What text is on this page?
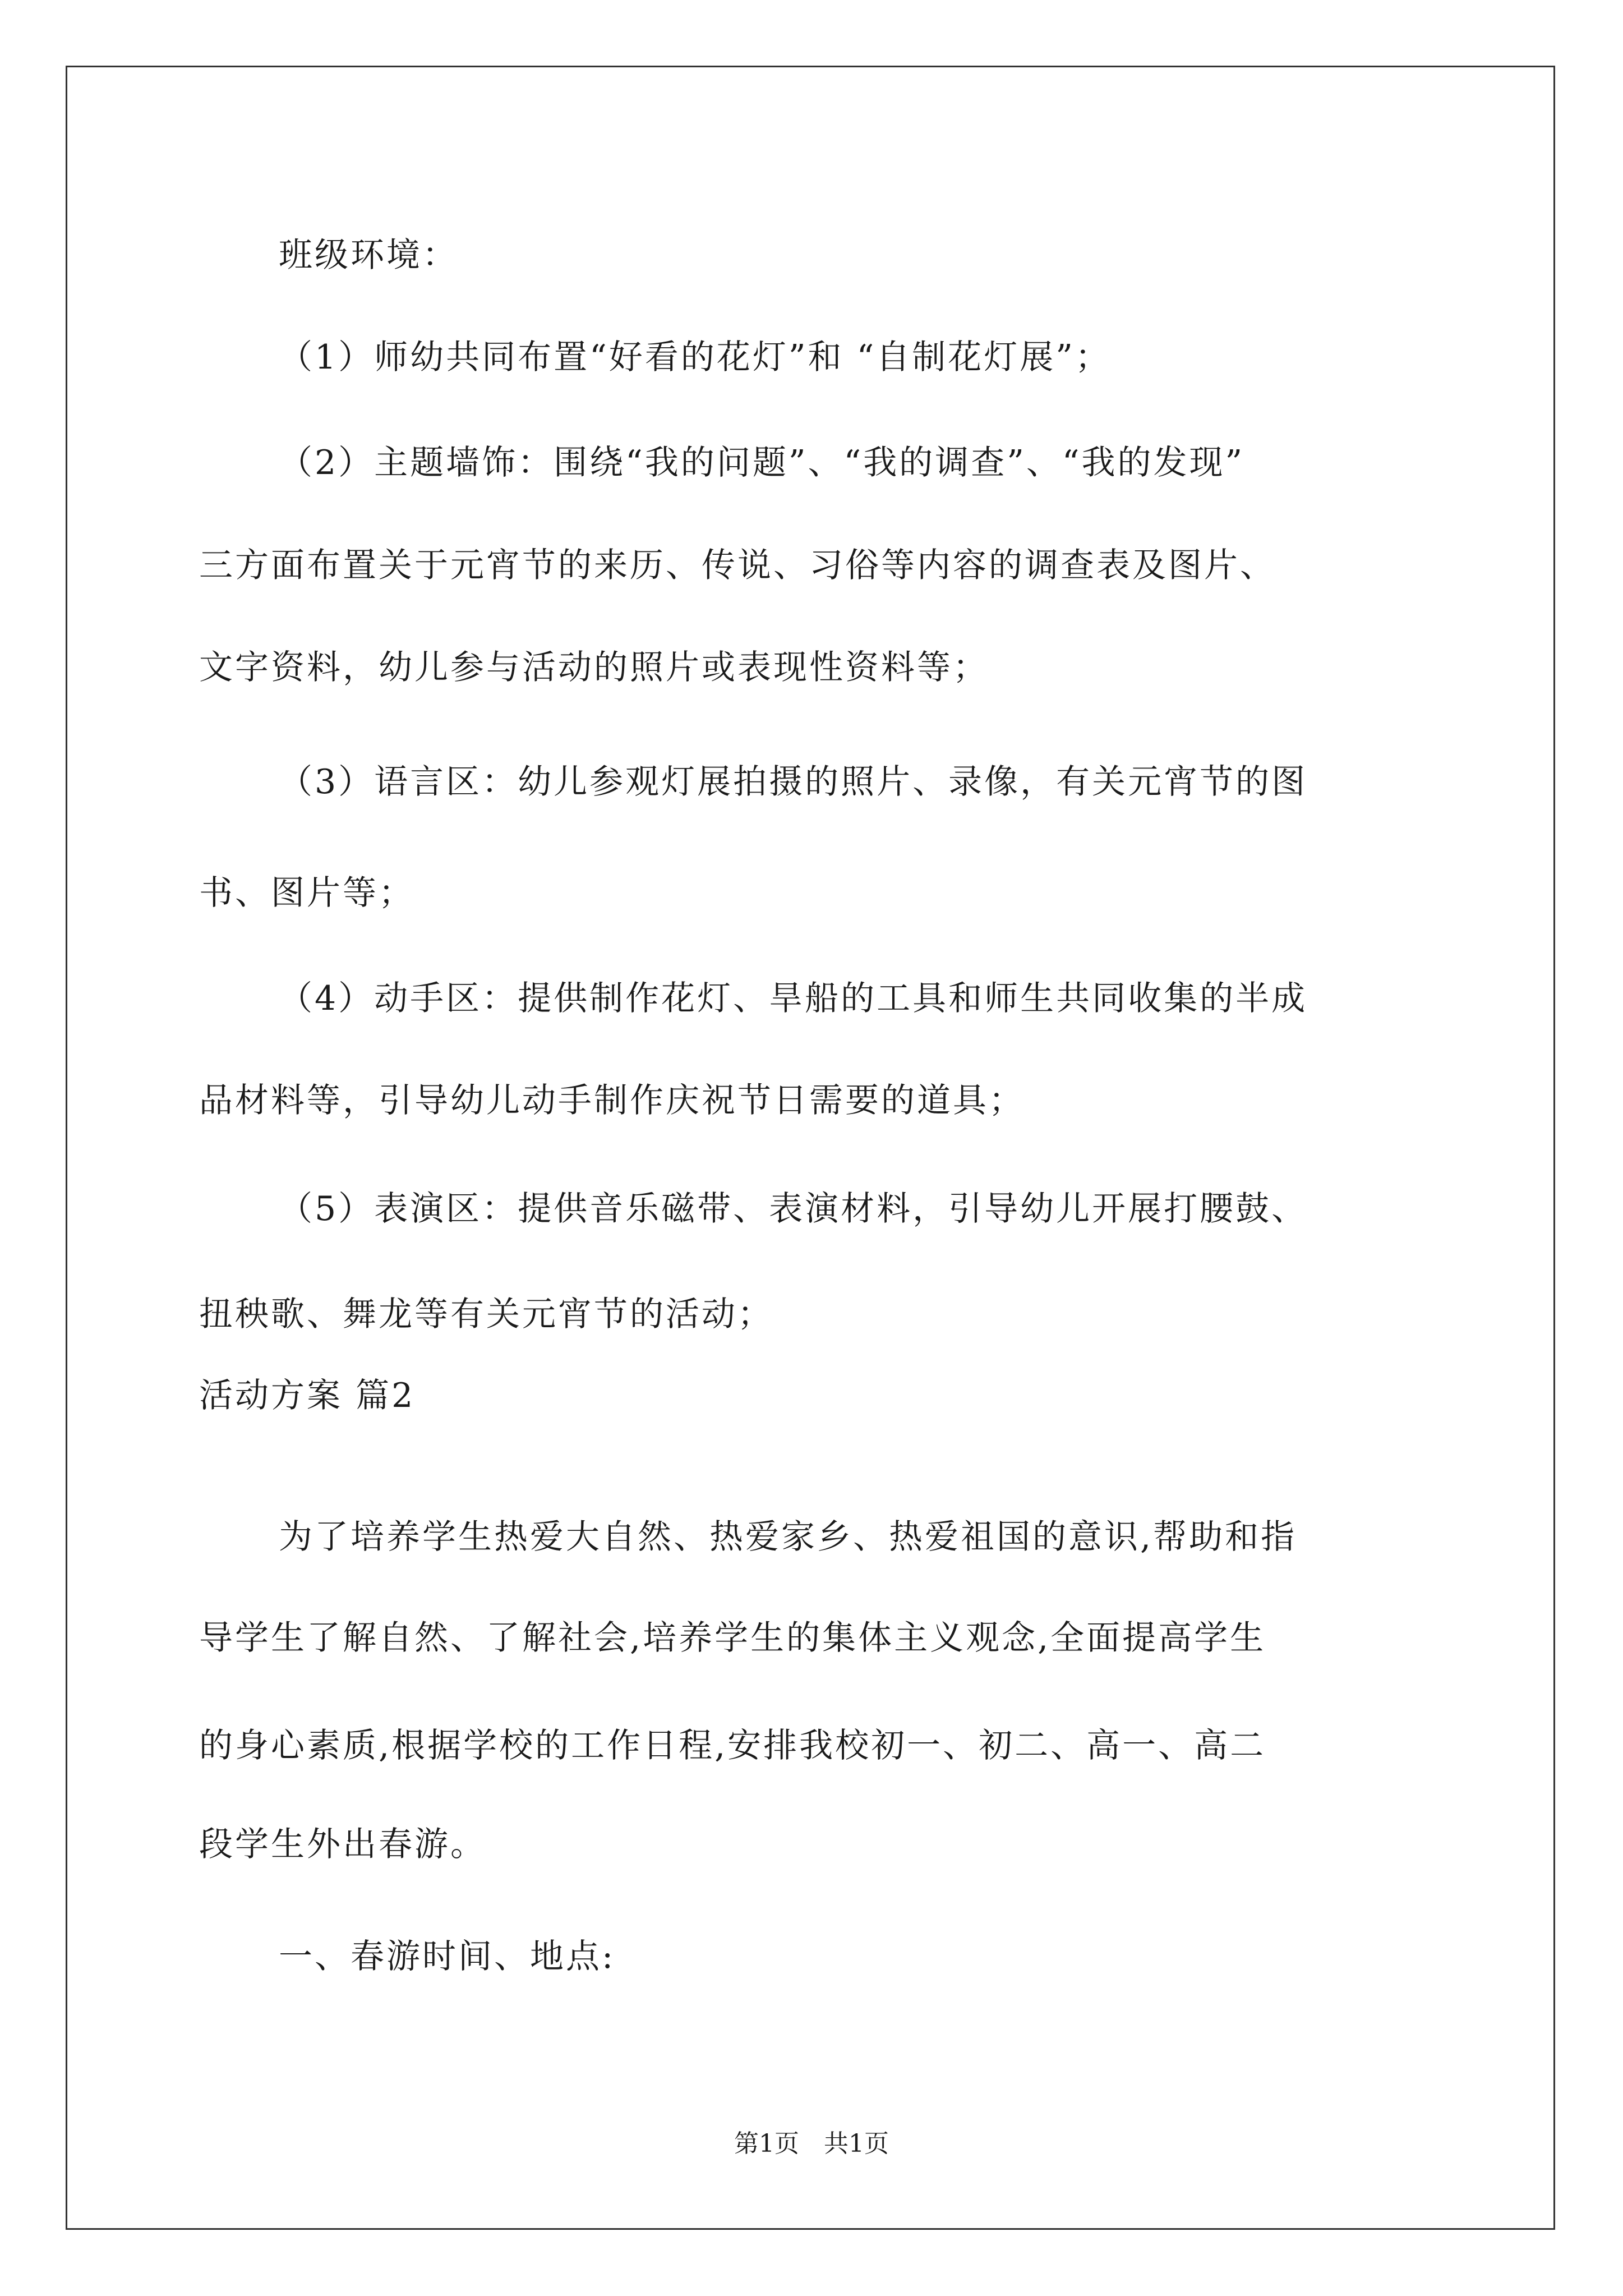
班级环境：
（1）师幼共同布置“好看的花灯”和 “自制花灯展”；
（2）主题墙饰：围绕“我的问题”、“我的调查”、“我的发现”
三方面布置关于元宵节的来历、传说、习俗等内容的调查表及图片、
文字资料，幼儿参与活动的照片或表现性资料等；
（3）语言区：幼儿参观灯展拍摄的照片、录像，有关元宵节的图
书、图片等；
（4）动手区：提供制作花灯、旱船的工具和师生共同收集的半成
品材料等，引导幼儿动手制作庆祝节日需要的道具；
（5）表演区：提供音乐磁带、表演材料，引导幼儿开展打腰鼓、
扭秧歌、舞龙等有关元宵节的活动；
活动方案 篇2
为了培养学生热爱大自然、热爱家乡、热爱祖国的意识,帮助和指
导学生了解自然、了解社会,培养学生的集体主义观念,全面提高学生
的身心素质,根据学校的工作日程,安排我校初一、初二、高一、高二
段学生外出春游。
一、春游时间、地点:
第1页　共1页
